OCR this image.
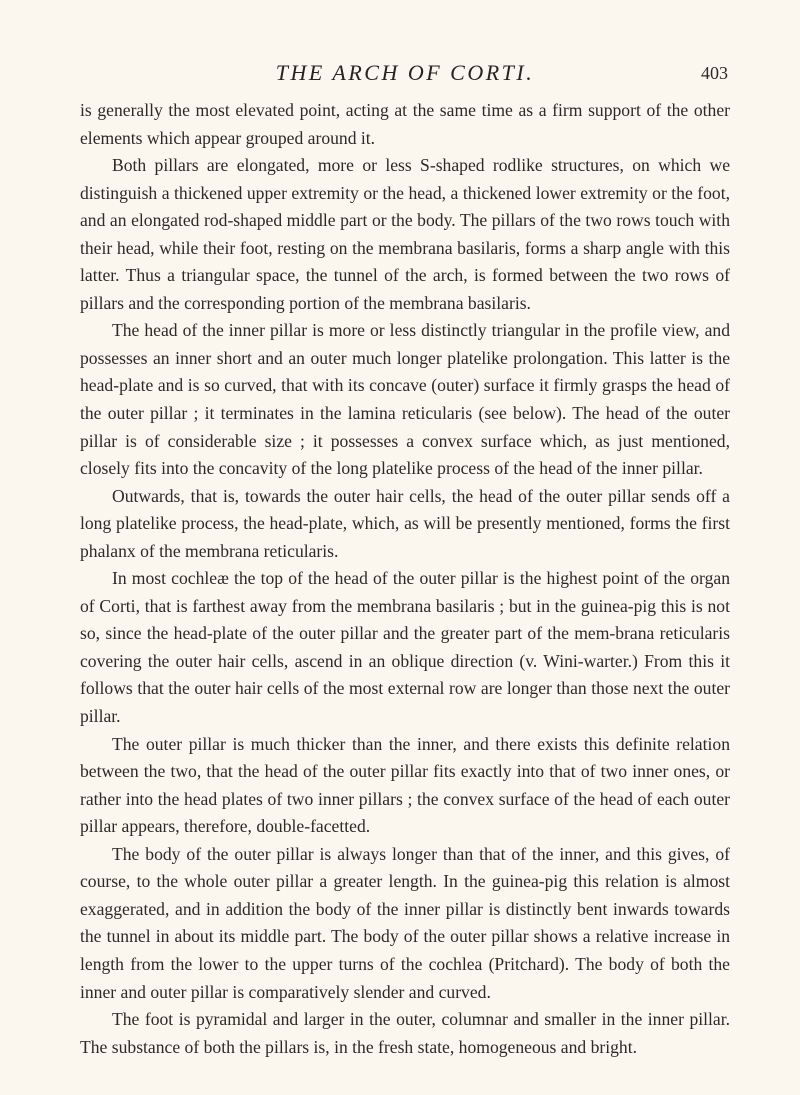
THE ARCH OF CORTI.	403

is generally the most elevated point, acting at the same time as a firm support of the other elements which appear grouped around it.

Both pillars are elongated, more or less S-shaped rodlike structures, on which we distinguish a thickened upper extremity or the head, a thickened lower extremity or the foot, and an elongated rod-shaped middle part or the body. The pillars of the two rows touch with their head, while their foot, resting on the membrana basilaris, forms a sharp angle with this latter. Thus a triangular space, the tunnel of the arch, is formed between the two rows of pillars and the corresponding portion of the membrana basilaris.

The head of the inner pillar is more or less distinctly triangular in the profile view, and possesses an inner short and an outer much longer platelike prolongation. This latter is the head-plate and is so curved, that with its concave (outer) surface it firmly grasps the head of the outer pillar ; it terminates in the lamina reticularis (see below). The head of the outer pillar is of considerable size ; it possesses a convex surface which, as just mentioned, closely fits into the concavity of the long platelike process of the head of the inner pillar.

Outwards, that is, towards the outer hair cells, the head of the outer pillar sends off a long platelike process, the head-plate, which, as will be presently mentioned, forms the first phalanx of the membrana reticularis.

In most cochleæ the top of the head of the outer pillar is the highest point of the organ of Corti, that is farthest away from the membrana basilaris ; but in the guinea-pig this is not so, since the head-plate of the outer pillar and the greater part of the mem-brana reticularis covering the outer hair cells, ascend in an oblique direction (v. Wini-warter.) From this it follows that the outer hair cells of the most external row are longer than those next the outer pillar.

The outer pillar is much thicker than the inner, and there exists this definite relation between the two, that the head of the outer pillar fits exactly into that of two inner ones, or rather into the head plates of two inner pillars ; the convex surface of the head of each outer pillar appears, therefore, double-facetted.

The body of the outer pillar is always longer than that of the inner, and this gives, of course, to the whole outer pillar a greater length. In the guinea-pig this relation is almost exaggerated, and in addition the body of the inner pillar is distinctly bent inwards towards the tunnel in about its middle part. The body of the outer pillar shows a relative increase in length from the lower to the upper turns of the cochlea (Pritchard). The body of both the inner and outer pillar is comparatively slender and curved.

The foot is pyramidal and larger in the outer, columnar and smaller in the inner pillar. The substance of both the pillars is, in the fresh state, homogeneous and bright.
